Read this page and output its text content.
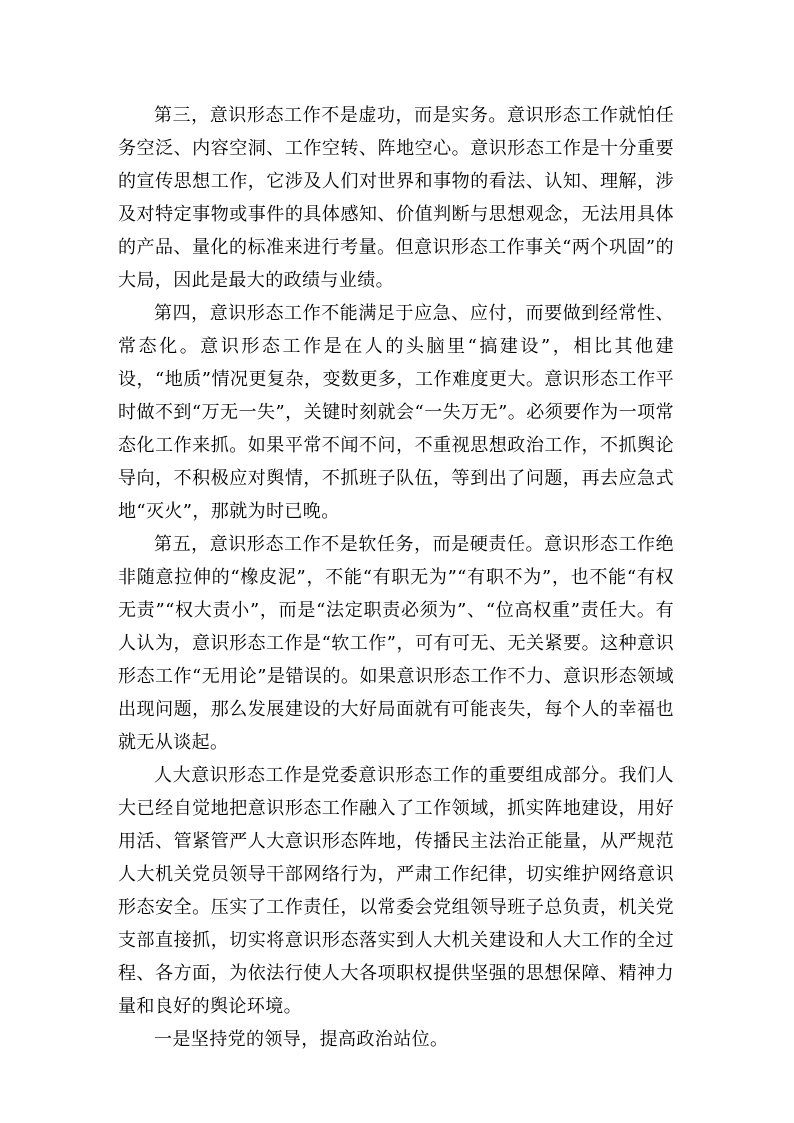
第三，意识形态工作不是虚功，而是实务。意识形态工作就怕任务空泛、内容空洞、工作空转、阵地空心。意识形态工作是十分重要的宣传思想工作，它涉及人们对世界和事物的看法、认知、理解，涉及对特定事物或事件的具体感知、价值判断与思想观念，无法用具体的产品、量化的标准来进行考量。但意识形态工作事关“两个巩固”的大局，因此是最大的政绩与业绩。

第四，意识形态工作不能满足于应急、应付，而要做到经常性、常态化。意识形态工作是在人的头脑里“搞建设”，相比其他建设，“地质”情况更复杂，变数更多，工作难度更大。意识形态工作平时做不到“万无一失”，关键时刻就会“一失万无”。必须要作为一项常态化工作来抓。如果平常不闻不问，不重视思想政治工作，不抓舆论导向，不积极应对舆情，不抓班子队伍，等到出了问题，再去应急式地“灭火”，那就为时已晚。

第五，意识形态工作不是软任务，而是硬责任。意识形态工作绝非随意拉伸的“橡皮泥”，不能“有职无为”“有职不为”，也不能“有权无责”“权大责小”，而是“法定职责必须为”、“位高权重”责任大。有人认为，意识形态工作是“软工作”，可有可无、无关紧要。这种意识形态工作“无用论”是错误的。如果意识形态工作不力、意识形态领域出现问题，那么发展建设的大好局面就有可能丧失，每个人的幸福也就无从谈起。

人大意识形态工作是党委意识形态工作的重要组成部分。我们人大已经自觉地把意识形态工作融入了工作领域，抓实阵地建设，用好用活、管紧管严人大意识形态阵地，传播民主法治正能量，从严规范人大机关党员领导干部网络行为，严肃工作纪律，切实维护网络意识形态安全。压实了工作责任，以常委会党组领导班子总负责，机关党支部直接抓，切实将意识形态落实到人大机关建设和人大工作的全过程、各方面，为依法行使人大各项职权提供坚强的思想保障、精神力量和良好的舆论环境。

一是坚持党的领导，提高政治站位。
